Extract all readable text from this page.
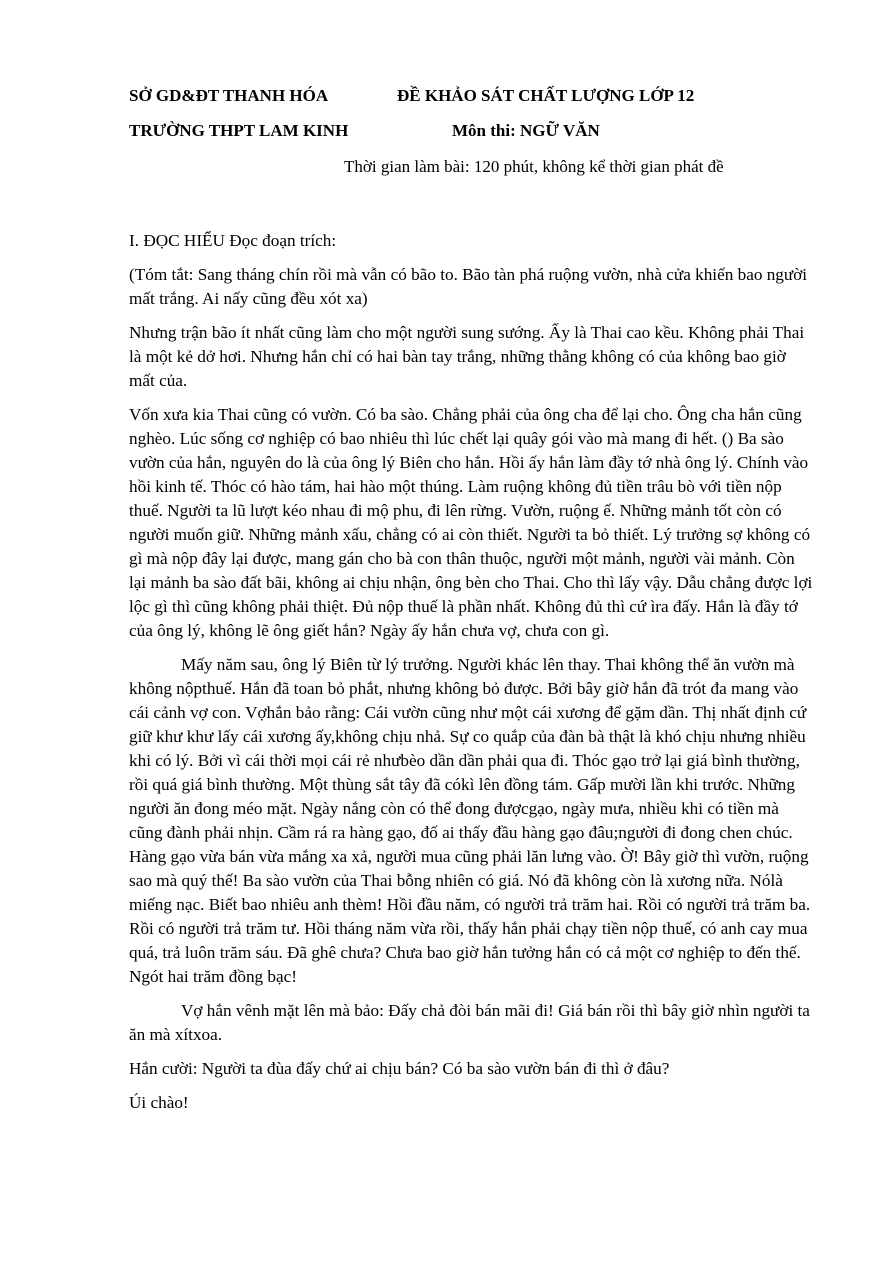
SỞ GD&ĐT THANH HÓA	ĐỀ KHẢO SÁT CHẤT LƯỢNG LỚP 12
TRƯỜNG THPT LAM KINH	Môn thi: NGỮ VĂN
Thời gian làm bài: 120 phút, không kể thời gian phát đề

I. ĐỌC HIỂU Đọc đoạn trích:

(Tóm tắt: Sang tháng chín rồi mà vẫn có bão to. Bão tàn phá ruộng vườn, nhà cửa khiến bao người mất trắng. Ai nấy cũng đều xót xa)

Nhưng trận bão ít nhất cũng làm cho một người sung sướng. Ấy là Thai cao kều. Không phải Thai là một kẻ dở hơi. Nhưng hắn chỉ có hai bàn tay trắng, những thằng không có của không bao giờ mất của.

Vốn xưa kia Thai cũng có vườn. Có ba sào. Chẳng phải của ông cha để lại cho. Ông cha hắn cũng nghèo. Lúc sống cơ nghiệp có bao nhiêu thì lúc chết lại quây gói vào mà mang đi hết. () Ba sào vườn của hắn, nguyên do là của ông lý Biên cho hắn. Hồi ấy hắn làm đầy tớ nhà ông lý. Chính vào hồi kinh tế. Thóc có hào tám, hai hào một thúng. Làm ruộng không đủ tiền trâu bò với tiền nộp thuế. Người ta lũ lượt kéo nhau đi mộ phu, đi lên rừng. Vườn, ruộng ế. Những mảnh tốt còn có người muốn giữ. Những mảnh xấu, chẳng có ai còn thiết. Người ta bỏ thiết. Lý trưởng sợ không có gì mà nộp đây lại được, mang gán cho bà con thân thuộc, người một mảnh, người vài mảnh. Còn lại mảnh ba sào đất bãi, không ai chịu nhận, ông bèn cho Thai. Cho thì lấy vậy. Dẫu chẳng được lợi lộc gì thì cũng không phải thiệt. Đủ nộp thuế là phần nhất. Không đủ thì cứ ìra đấy. Hắn là đầy tớ của ông lý, không lẽ ông giết hắn? Ngày ấy hắn chưa vợ, chưa con gì.

Mấy năm sau, ông lý Biên từ lý trưởng. Người khác lên thay. Thai không thể ăn vườn mà không nộpthuế. Hắn đã toan bỏ phắt, nhưng không bỏ được. Bởi bây giờ hắn đã trót đa mang vào cái cảnh vợ con. Vợhắn bảo rằng: Cái vườn cũng như một cái xương để gặm dần. Thị nhất định cứ giữ khư khư lấy cái xương ấy,không chịu nhả. Sự co quắp của đàn bà thật là khó chịu nhưng nhiều khi có lý. Bởi vì cái thời mọi cái rẻ nhưbèo dần dần phải qua đi. Thóc gạo trở lại giá bình thường, rồi quá giá bình thường. Một thùng sắt tây đã cókì lên đồng tám. Gấp mười lần khi trước. Những người ăn đong méo mặt. Ngày nắng còn có thể đong đượcgạo, ngày mưa, nhiều khi có tiền mà cũng đành phải nhịn. Cầm rá ra hàng gạo, đố ai thấy đầu hàng gạo đâu;người đi đong chen chúc. Hàng gạo vừa bán vừa mắng xa xả, người mua cũng phải lăn lưng vào. Ờ! Bây giờ thì vườn, ruộng sao mà quý thế! Ba sào vườn của Thai bỗng nhiên có giá. Nó đã không còn là xương nữa. Nólà miếng nạc. Biết bao nhiêu anh thèm! Hồi đầu năm, có người trả trăm hai. Rồi có người trả trăm ba. Rồi có người trả trăm tư. Hồi tháng năm vừa rồi, thấy hắn phải chạy tiền nộp thuế, có anh cay mua quá, trả luôn trăm sáu. Đã ghê chưa? Chưa bao giờ hắn tưởng hắn có cả một cơ nghiệp to đến thế. Ngót hai trăm đồng bạc!

Vợ hắn vênh mặt lên mà bảo: Đấy chả đòi bán mãi đi! Giá bán rồi thì bây giờ nhìn người ta ăn mà xítxoa.

Hắn cười: Người ta đùa đấy chứ ai chịu bán? Có ba sào vườn bán đi thì ở đâu?

Úi chào!
